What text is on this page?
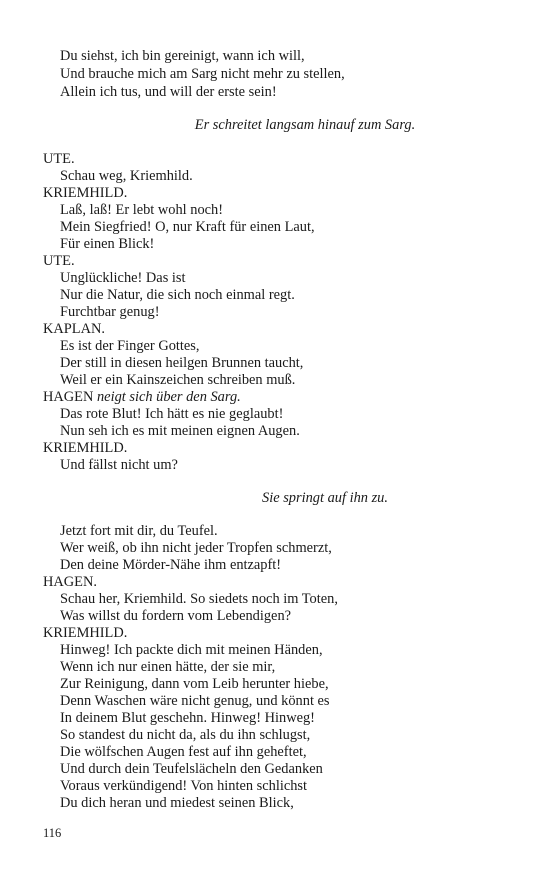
Du siehst, ich bin gereinigt, wann ich will,
Und brauche mich am Sarg nicht mehr zu stellen,
Allein ich tus, und will der erste sein!
Er schreitet langsam hinauf zum Sarg.
UTE.
Schau weg, Kriemhild.
KRIEMHILD.
Laß, laß! Er lebt wohl noch!
Mein Siegfried! O, nur Kraft für einen Laut,
Für einen Blick!
UTE.
Unglückliche! Das ist
Nur die Natur, die sich noch einmal regt.
Furchtbar genug!
KAPLAN.
Es ist der Finger Gottes,
Der still in diesen heilgen Brunnen taucht,
Weil er ein Kainszeichen schreiben muß.
HAGEN neigt sich über den Sarg.
Das rote Blut! Ich hätt es nie geglaubt!
Nun seh ich es mit meinen eignen Augen.
KRIEMHILD.
Und fällst nicht um?
Sie springt auf ihn zu.
Jetzt fort mit dir, du Teufel.
Wer weiß, ob ihn nicht jeder Tropfen schmerzt,
Den deine Mörder-Nähe ihm entzapft!
HAGEN.
Schau her, Kriemhild. So siedets noch im Toten,
Was willst du fordern vom Lebendigen?
KRIEMHILD.
Hinweg! Ich packte dich mit meinen Händen,
Wenn ich nur einen hätte, der sie mir,
Zur Reinigung, dann vom Leib herunter hiebe,
Denn Waschen wäre nicht genug, und könnt es
In deinem Blut geschehn. Hinweg! Hinweg!
So standest du nicht da, als du ihn schlugst,
Die wölfschen Augen fest auf ihn geheftet,
Und durch dein Teufelslächeln den Gedanken
Voraus verkündigend! Von hinten schlichst
Du dich heran und miedest seinen Blick,
116
